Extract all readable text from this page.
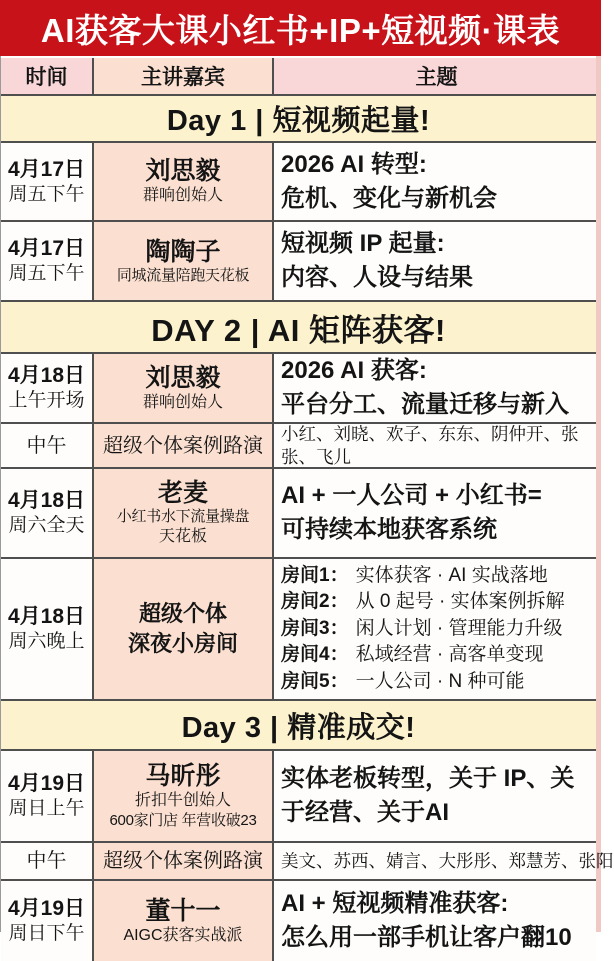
AI获客大课小红书+IP+短视频·课表
时间	主讲嘉宾	主题
Day 1 | 短视频起量!
4月17日
周五下午
刘思毅
群响创始人
2026 AI 转型:
危机、变化与新机会
4月17日
周五下午
陶陶子
同城流量陪跑天花板
短视频 IP 起量:
内容、人设与结果
DAY 2 | AI 矩阵获客!
4月18日
上午开场
刘思毅
群响创始人
2026 AI 获客:
平台分工、流量迁移与新入
中午 超级个体案例路演
小红、刘晓、欢子、东东、阴仲开、张张、飞儿
4月18日
周六全天
老麦
小红书水下流量操盘
天花板
AI + 一人公司 + 小红书=
可持续本地获客系统
4月18日
周六晚上
超级个体
深夜小房间
房间1： 实体获客 · AI 实战落地
房间2： 从 0 起号 · 实体案例拆解
房间3： 闲人计划 · 管理能力升级
房间4： 私域经营 · 高客单变现
房间5： 一人公司 · N 种可能
Day 3 | 精准成交!
4月19日
周日上午
马昕彤
折扣牛创始人
600家门店 年营收破23
实体老板转型，关于 IP、关于经营、关于AI
中午 超级个体案例路演 美文、苏西、婧言、大彤彤、郑慧芳、张阳
4月19日
周日下午
董十一
AIGC获客实战派
AI + 短视频精准获客:
怎么用一部手机让客户翻10
